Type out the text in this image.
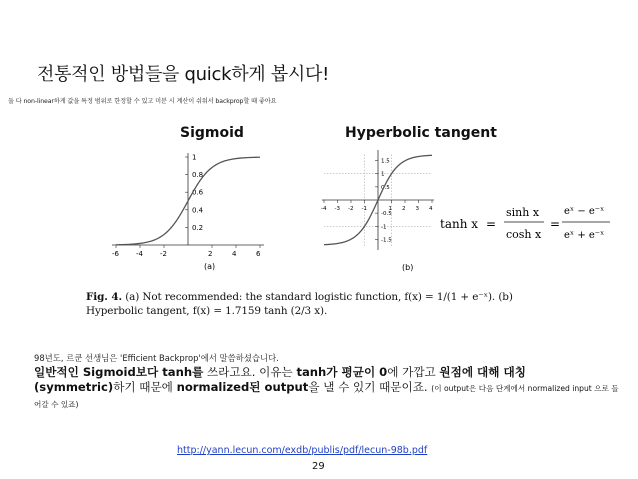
전통적인 방법들을 quick하게 봅시다!
둘 다 non-linear하게 값을 특정 범위로 한정할 수 있고 미분 시 계산이 쉬워서 backprop할 때 좋아요
Sigmoid	Hyperbolic tangent
-6 -4 -2	2	4	6
0.2
0.4
0.6
0.8
1
(a)
-4 -3 -2 -1	1 2 3 4
1.5
1
0.5
-0.5
-1
-1.5
(b)
tanh x =
sinh x
cosh x
=
eˣ − e⁻ˣ
eˣ + e⁻ˣ
Fig. 4. (a) Not recommended: the standard logistic function, f(x) = 1/(1 + e⁻ˣ). (b) Hyperbolic tangent, f(x) = 1.7159 tanh (2/3 x).
98년도, 르쿤 선생님은 'Efficient Backprop'에서 말씀하셨습니다.
일반적인 Sigmoid보다 tanh를 쓰라고요. 이유는 tanh가 평균이 0에 가깝고 원점에 대해 대칭
(symmetric)하기 때문에 normalized된 output을 낼 수 있기 때문이죠. (이 output은 다음 단계에서 normalized input 으로 들어갈 수 있죠)
http://yann.lecun.com/exdb/publis/pdf/lecun-98b.pdf
29
